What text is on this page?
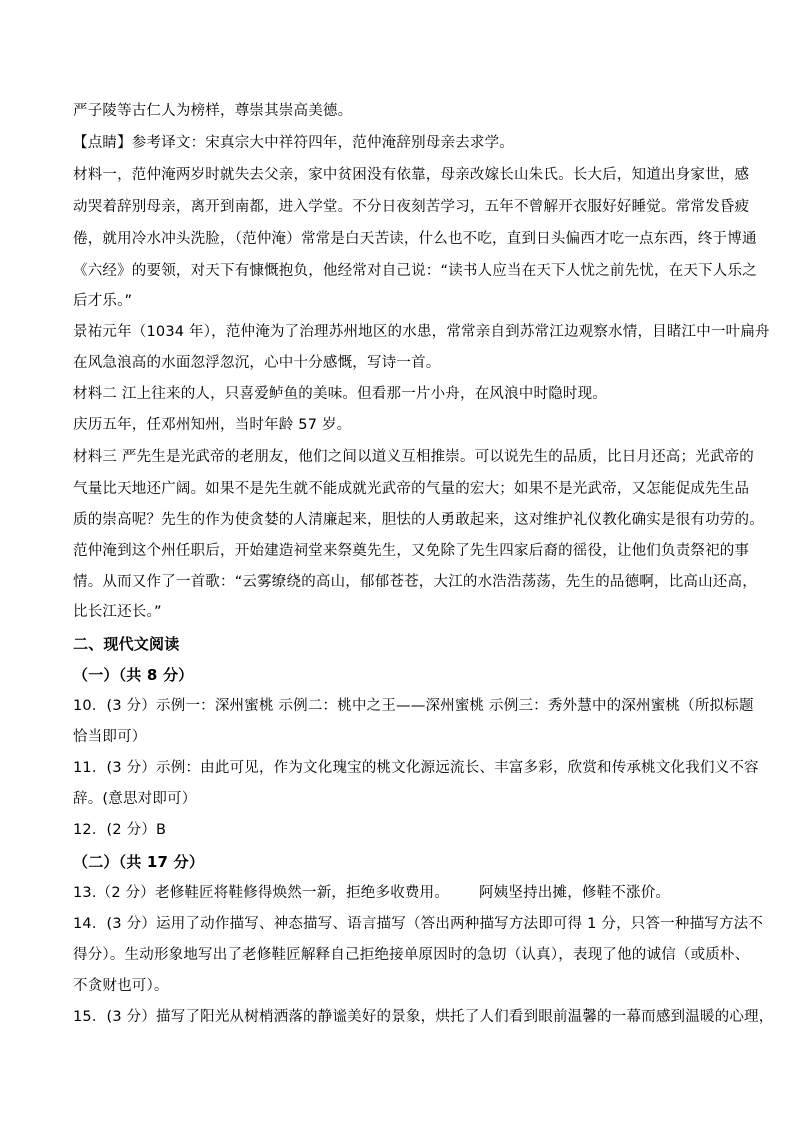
严子陵等古仁人为榜样，尊崇其崇高美德。
【点睛】参考译文：宋真宗大中祥符四年，范仲淹辞别母亲去求学。
材料一，范仲淹两岁时就失去父亲，家中贫困没有依靠，母亲改嫁长山朱氏。长大后，知道出身家世，感
动哭着辞别母亲，离开到南都，进入学堂。不分日夜刻苦学习，五年不曾解开衣服好好睡觉。常常发昏疲
倦，就用冷水冲头洗脸，（范仲淹）常常是白天苦读，什么也不吃，直到日头偏西才吃一点东西，终于博通
《六经》的要领，对天下有慷慨抱负，他经常对自己说：“读书人应当在天下人忧之前先忧，在天下人乐之
后才乐。”
景祐元年（1034 年），范仲淹为了治理苏州地区的水患，常常亲自到苏常江边观察水情，目睹江中一叶扁舟
在风急浪高的水面忽浮忽沉，心中十分感慨，写诗一首。
材料二 江上往来的人，只喜爱鲈鱼的美味。但看那一片小舟，在风浪中时隐时现。
庆历五年，任邓州知州，当时年龄 57 岁。
材料三 严先生是光武帝的老朋友，他们之间以道义互相推崇。可以说先生的品质，比日月还高；光武帝的
气量比天地还广阔。如果不是先生就不能成就光武帝的气量的宏大；如果不是光武帝，又怎能促成先生品
质的崇高呢？先生的作为使贪婪的人清廉起来，胆怯的人勇敢起来，这对维护礼仪教化确实是很有功劳的。
范仲淹到这个州任职后，开始建造祠堂来祭奠先生，又免除了先生四家后裔的徭役，让他们负责祭祀的事
情。从而又作了一首歌：“云雾缭绕的高山，郁郁苍苍，大江的水浩浩荡荡，先生的品德啊，比高山还高，
比长江还长。”
二、现代文阅读
（一）（共 8 分）
10．(3 分）示例一：深州蜜桃 示例二：桃中之王——深州蜜桃 示例三：秀外慧中的深州蜜桃（所拟标题
恰当即可）
11．(3 分）示例：由此可见，作为文化瑰宝的桃文化源远流长、丰富多彩，欣赏和传承桃文化我们义不容
辞。(意思对即可）
12．(2 分）B
（二）（共 17 分）
13.（2 分）老修鞋匠将鞋修得焕然一新，拒绝多收费用。 阿姨坚持出摊，修鞋不涨价。
14．(3 分）运用了动作描写、神态描写、语言描写（答出两种描写方法即可得 1 分，只答一种描写方法不
得分）。生动形象地写出了老修鞋匠解释自己拒绝接单原因时的急切（认真），表现了他的诚信（或质朴、
不贪财也可）。
15．(3 分）描写了阳光从树梢洒落的静谧美好的景象，烘托了人们看到眼前温馨的一幕而感到温暖的心理，
